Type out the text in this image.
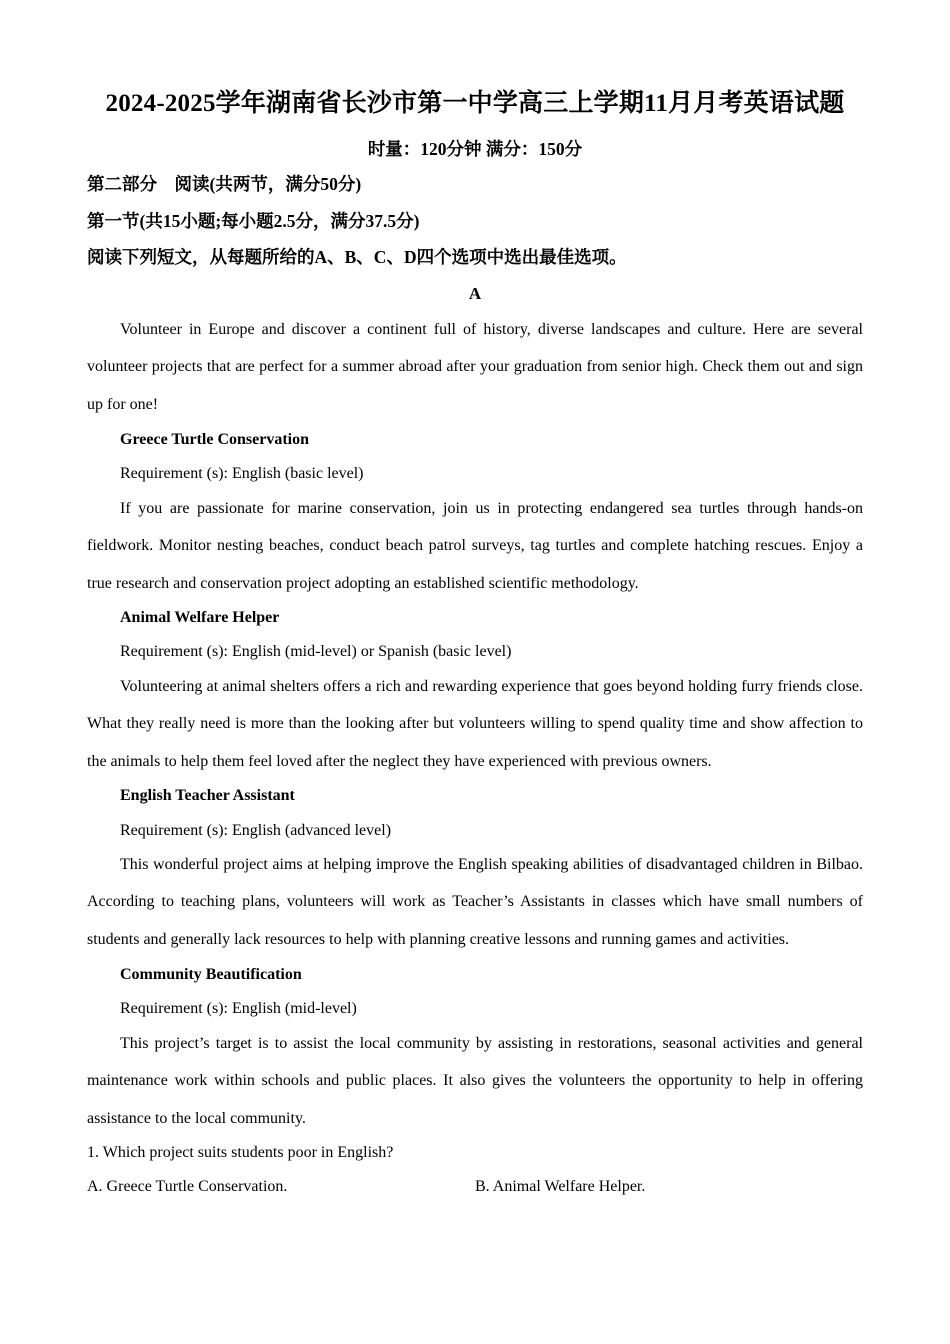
2024-2025学年湖南省长沙市第一中学高三上学期11月月考英语试题
时量：120分钟 满分：150分
第二部分　阅读(共两节，满分50分)
第一节(共15小题;每小题2.5分，满分37.5分)
阅读下列短文，从每题所给的A、B、C、D四个选项中选出最佳选项。
A

Volunteer in Europe and discover a continent full of history, diverse landscapes and culture. Here are several volunteer projects that are perfect for a summer abroad after your graduation from senior high. Check them out and sign up for one!

Greece Turtle Conservation
Requirement (s): English (basic level)

If you are passionate for marine conservation, join us in protecting endangered sea turtles through hands-on fieldwork. Monitor nesting beaches, conduct beach patrol surveys, tag turtles and complete hatching rescues. Enjoy a true research and conservation project adopting an established scientific methodology.

Animal Welfare Helper
Requirement (s): English (mid-level) or Spanish (basic level)

Volunteering at animal shelters offers a rich and rewarding experience that goes beyond holding furry friends close. What they really need is more than the looking after but volunteers willing to spend quality time and show affection to the animals to help them feel loved after the neglect they have experienced with previous owners.

English Teacher Assistant
Requirement (s): English (advanced level)

This wonderful project aims at helping improve the English speaking abilities of disadvantaged children in Bilbao. According to teaching plans, volunteers will work as Teacher’s Assistants in classes which have small numbers of students and generally lack resources to help with planning creative lessons and running games and activities.

Community Beautification
Requirement (s): English (mid-level)

This project’s target is to assist the local community by assisting in restorations, seasonal activities and general maintenance work within schools and public places. It also gives the volunteers the opportunity to help in offering assistance to the local community.

1. Which project suits students poor in English?
A. Greece Turtle Conservation.	B. Animal Welfare Helper.
